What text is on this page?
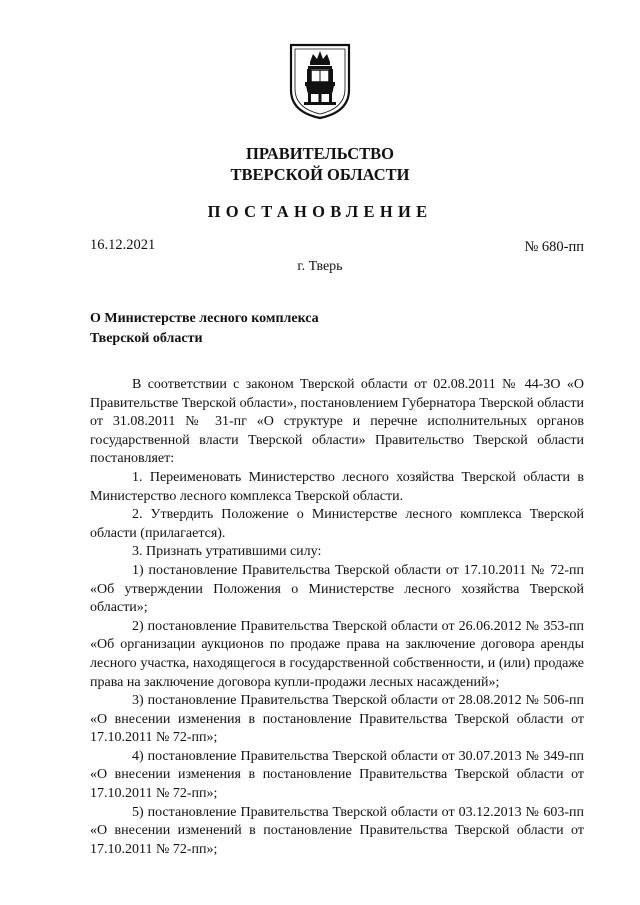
ПРАВИТЕЛЬСТВО
ТВЕРСКОЙ ОБЛАСТИ
ПОСТАНОВЛЕНИЕ
16.12.2021	№ 680-пп
г. Тверь
О Министерстве лесного комплекса
Тверской области

В соответствии с законом Тверской области от 02.08.2011 № 44-ЗО «О Правительстве Тверской области», постановлением Губернатора Тверской области от 31.08.2011 № 31-пг «О структуре и перечне исполнительных органов государственной власти Тверской области» Правительство Тверской области постановляет:

1. Переименовать Министерство лесного хозяйства Тверской области в Министерство лесного комплекса Тверской области.

2. Утвердить Положение о Министерстве лесного комплекса Тверской области (прилагается).

3. Признать утратившими силу:

1) постановление Правительства Тверской области от 17.10.2011 № 72-пп «Об утверждении Положения о Министерстве лесного хозяйства Тверской области»;

2) постановление Правительства Тверской области от 26.06.2012 № 353-пп «Об организации аукционов по продаже права на заключение договора аренды лесного участка, находящегося в государственной собственности, и (или) продаже права на заключение договора купли-продажи лесных насаждений»;

3) постановление Правительства Тверской области от 28.08.2012 № 506-пп «О внесении изменения в постановление Правительства Тверской области от 17.10.2011 № 72-пп»;

4) постановление Правительства Тверской области от 30.07.2013 № 349-пп «О внесении изменения в постановление Правительства Тверской области от 17.10.2011 № 72-пп»;

5) постановление Правительства Тверской области от 03.12.2013 № 603-пп «О внесении изменений в постановление Правительства Тверской области от 17.10.2011 № 72-пп»;
